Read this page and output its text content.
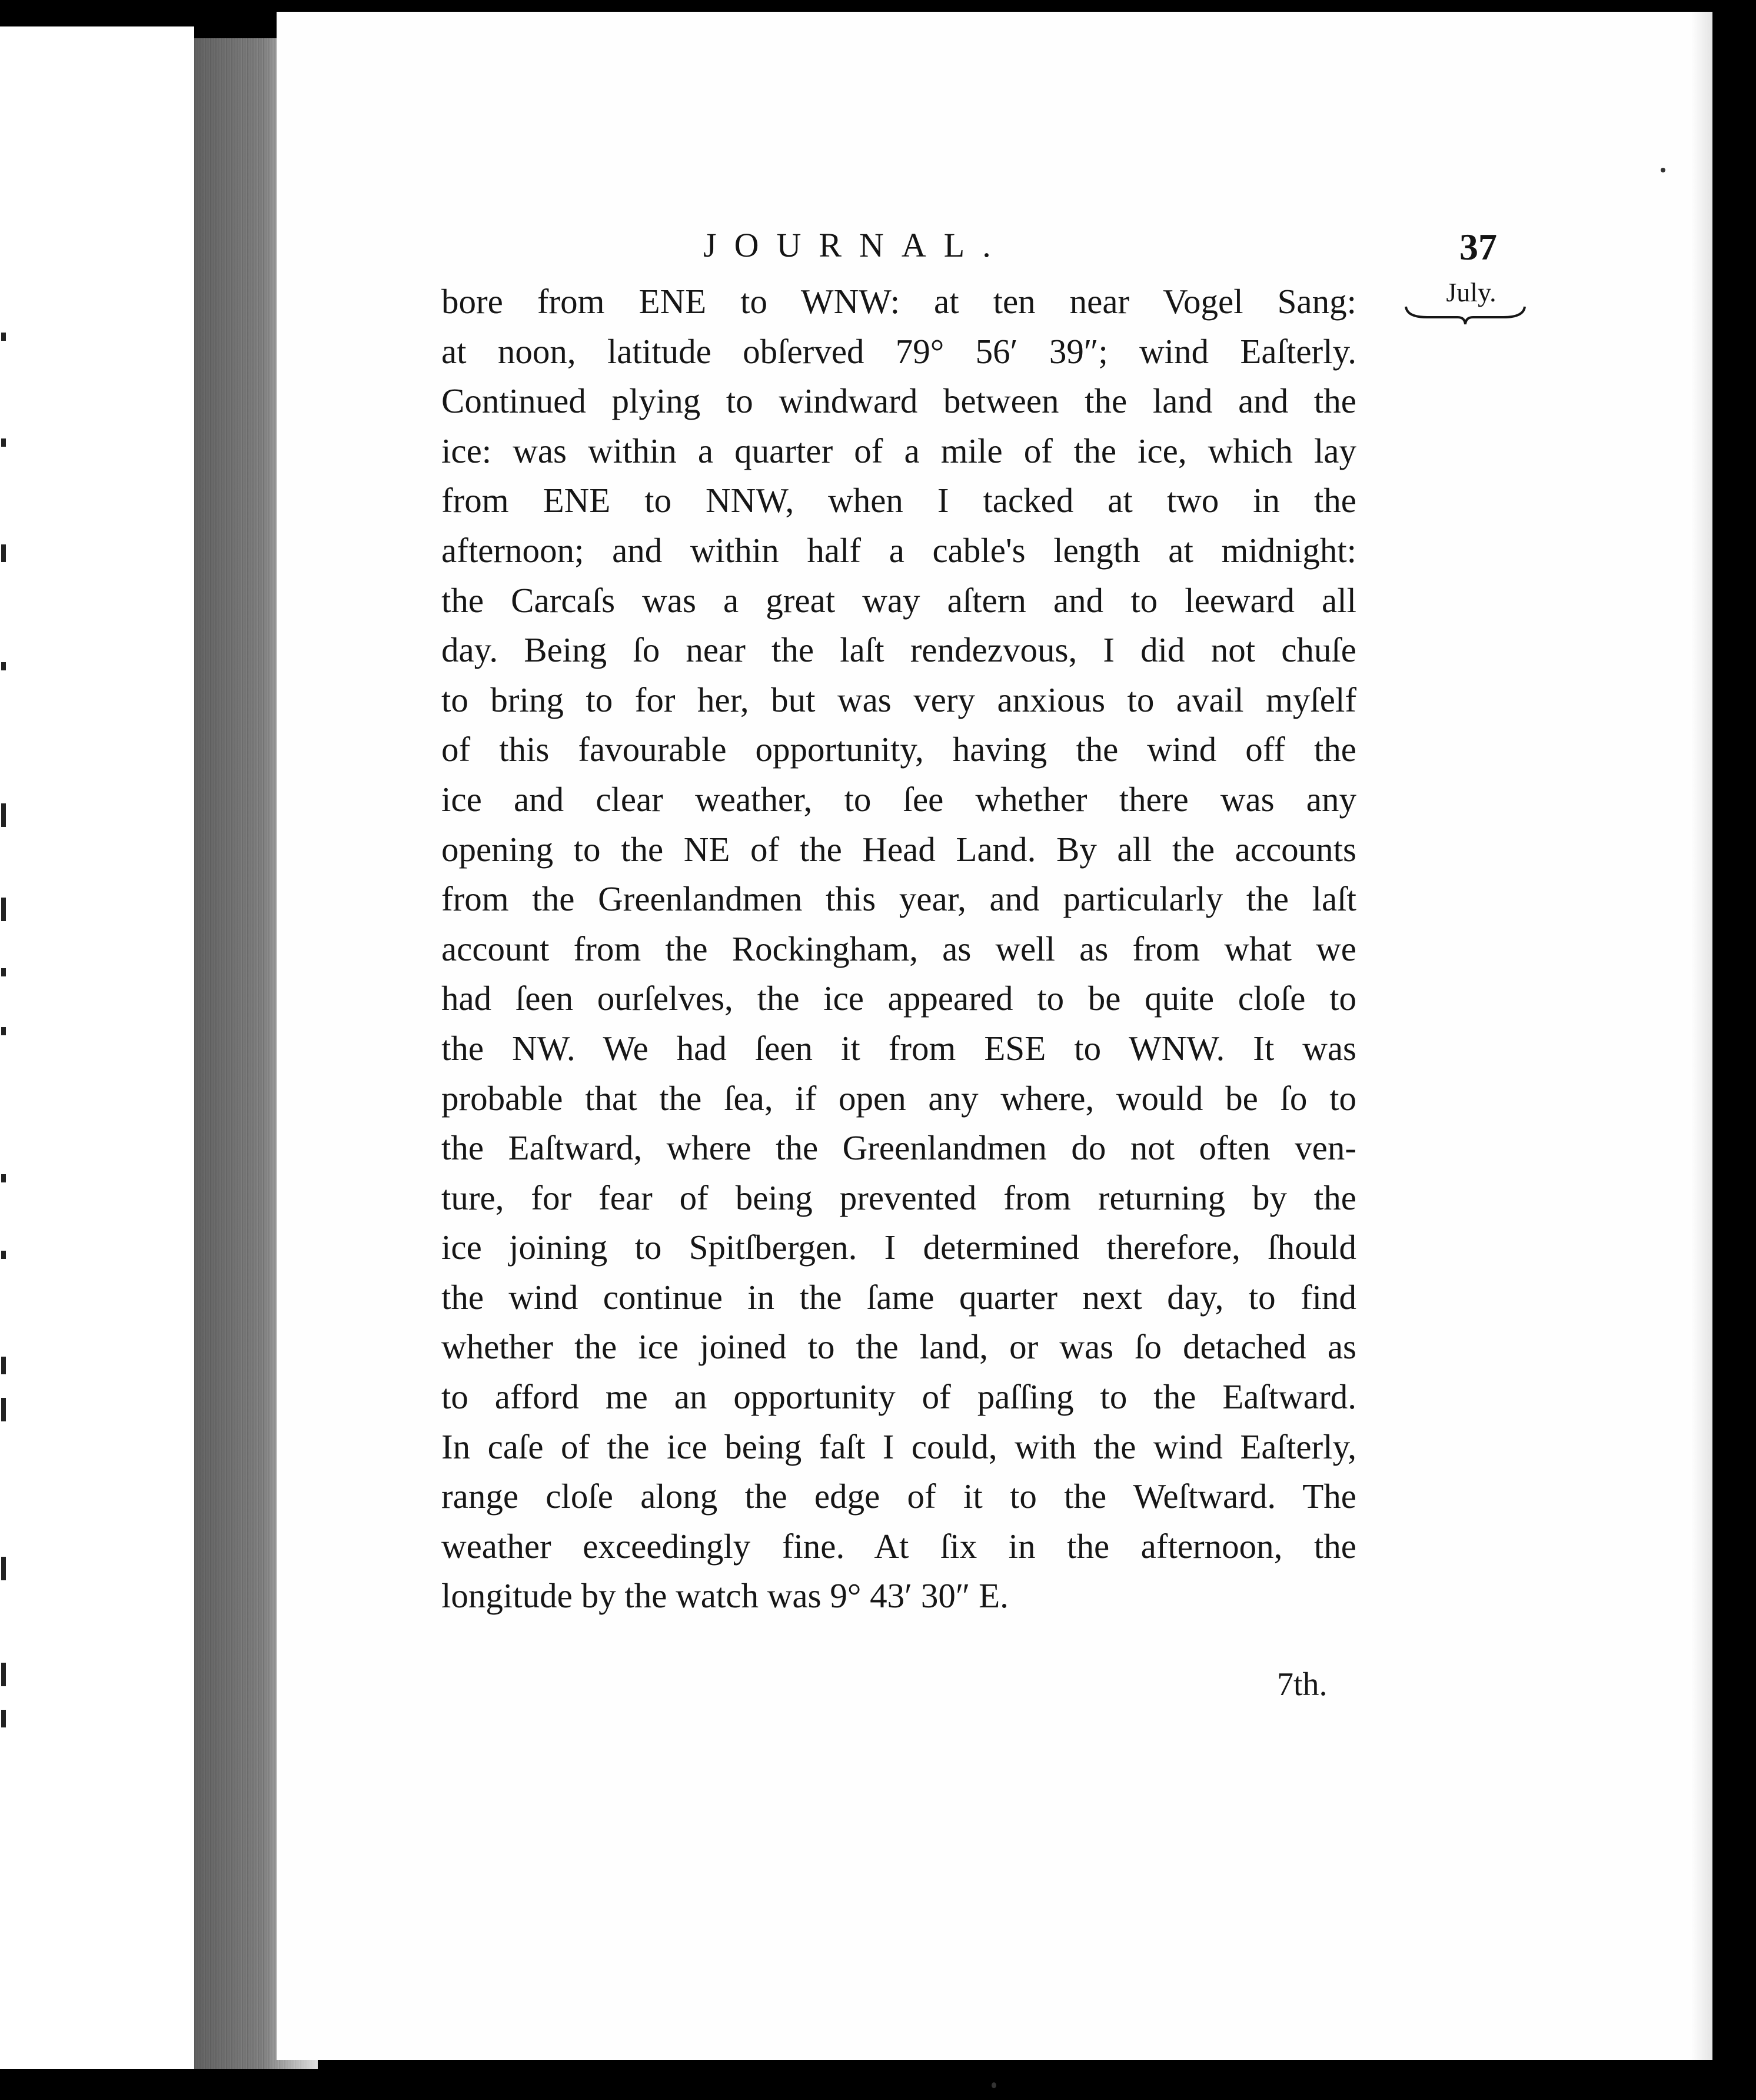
JOURNAL.	37
July.
bore from ENE to WNW: at ten near Vogel Sang:
at noon, latitude obſerved 79° 56′ 39″; wind Eaſterly.
Continued plying to windward between the land and the
ice: was within a quarter of a mile of the ice, which lay
from ENE to NNW, when I tacked at two in the
afternoon; and within half a cable's length at midnight:
the Carcaſs was a great way aſtern and to leeward all
day. Being ſo near the laſt rendezvous, I did not chuſe
to bring to for her, but was very anxious to avail myſelf
of this favourable opportunity, having the wind off the
ice and clear weather, to ſee whether there was any
opening to the NE of the Head Land. By all the accounts
from the Greenlandmen this year, and particularly the laſt
account from the Rockingham, as well as from what we
had ſeen ourſelves, the ice appeared to be quite cloſe to
the NW. We had ſeen it from ESE to WNW. It was
probable that the ſea, if open any where, would be ſo to
the Eaſtward, where the Greenlandmen do not often ven-
ture, for fear of being prevented from returning by the
ice joining to Spitſbergen. I determined therefore, ſhould
the wind continue in the ſame quarter next day, to find
whether the ice joined to the land, or was ſo detached as
to afford me an opportunity of paſſing to the Eaſtward.
In caſe of the ice being faſt I could, with the wind Eaſterly,
range cloſe along the edge of it to the Weſtward. The
weather exceedingly fine. At ſix in the afternoon, the
longitude by the watch was 9° 43′ 30″ E.
7th.
